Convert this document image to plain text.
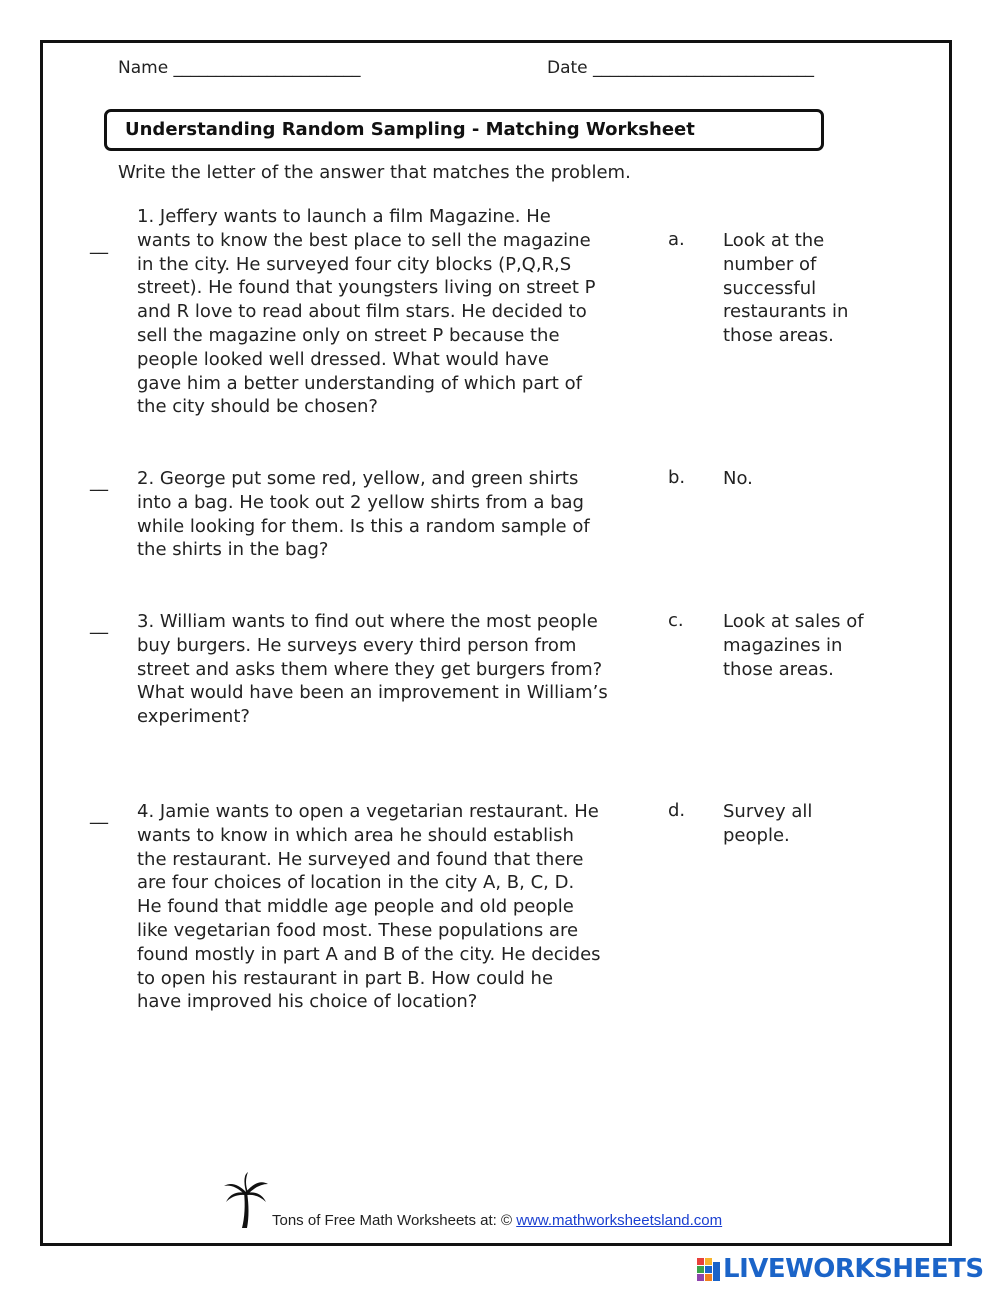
Name ______________________	Date __________________________
Understanding Random Sampling - Matching Worksheet
Write the letter of the answer that matches the problem.
__
1. Jeffery wants to launch a film Magazine. He
wants to know the best place to sell the magazine
in the city. He surveyed four city blocks (P,Q,R,S
street). He found that youngsters living on street P
and R love to read about film stars. He decided to
sell the magazine only on street P because the
people looked well dressed. What would have
gave him a better understanding of which part of
the city should be chosen?
a. Look at the
number of
successful
restaurants in
those areas.
__ 2. George put some red, yellow, and green shirts
into a bag. He took out 2 yellow shirts from a bag
while looking for them. Is this a random sample of
the shirts in the bag?
b. No.
__ 3. William wants to find out where the most people
buy burgers. He surveys every third person from
street and asks them where they get burgers from?
What would have been an improvement in William’s
experiment?
c. Look at sales of
magazines in
those areas.
__ 4. Jamie wants to open a vegetarian restaurant. He
wants to know in which area he should establish
the restaurant. He surveyed and found that there
are four choices of location in the city A, B, C, D.
He found that middle age people and old people
like vegetarian food most. These populations are
found mostly in part A and B of the city. He decides
to open his restaurant in part B. How could he
have improved his choice of location?
d. Survey all
people.
Tons of Free Math Worksheets at: © www.mathworksheetsland.com
LIVEWORKSHEETS
